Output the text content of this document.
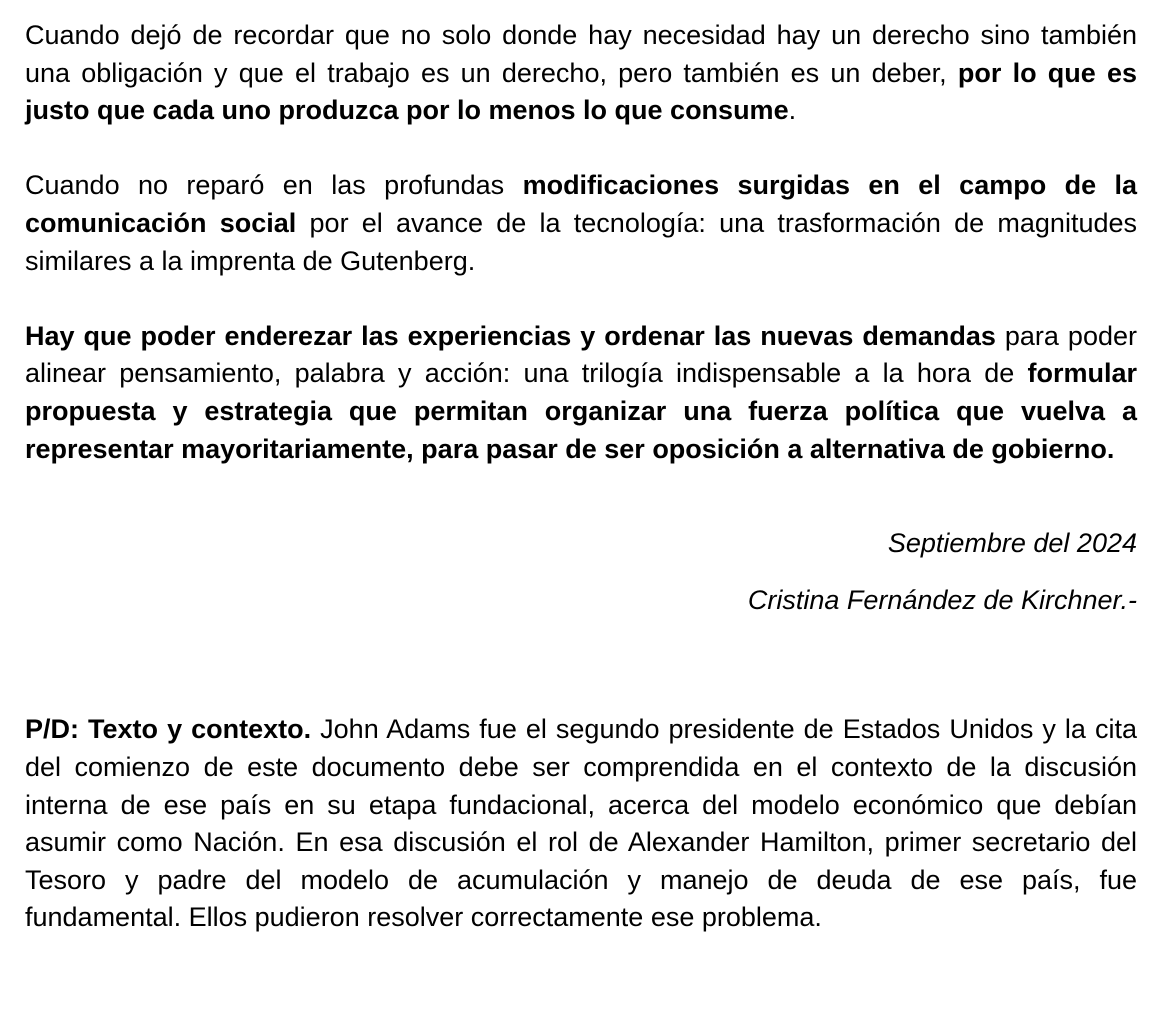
Cuando dejó de recordar que no solo donde hay necesidad hay un derecho sino también una obligación y que el trabajo es un derecho, pero también es un deber, por lo que es justo que cada uno produzca por lo menos lo que consume.

Cuando no reparó en las profundas modificaciones surgidas en el campo de la comunicación social por el avance de la tecnología: una trasformación de magnitudes similares a la imprenta de Gutenberg.

Hay que poder enderezar las experiencias y ordenar las nuevas demandas para poder alinear pensamiento, palabra y acción: una trilogía indispensable a la hora de formular propuesta y estrategia que permitan organizar una fuerza política que vuelva a representar mayoritariamente, para pasar de ser oposición a alternativa de gobierno.

Septiembre del 2024

Cristina Fernández de Kirchner.-

P/D: Texto y contexto. John Adams fue el segundo presidente de Estados Unidos y la cita del comienzo de este documento debe ser comprendida en el contexto de la discusión interna de ese país en su etapa fundacional, acerca del modelo económico que debían asumir como Nación. En esa discusión el rol de Alexander Hamilton, primer secretario del Tesoro y padre del modelo de acumulación y manejo de deuda de ese país, fue fundamental. Ellos pudieron resolver correctamente ese problema.
